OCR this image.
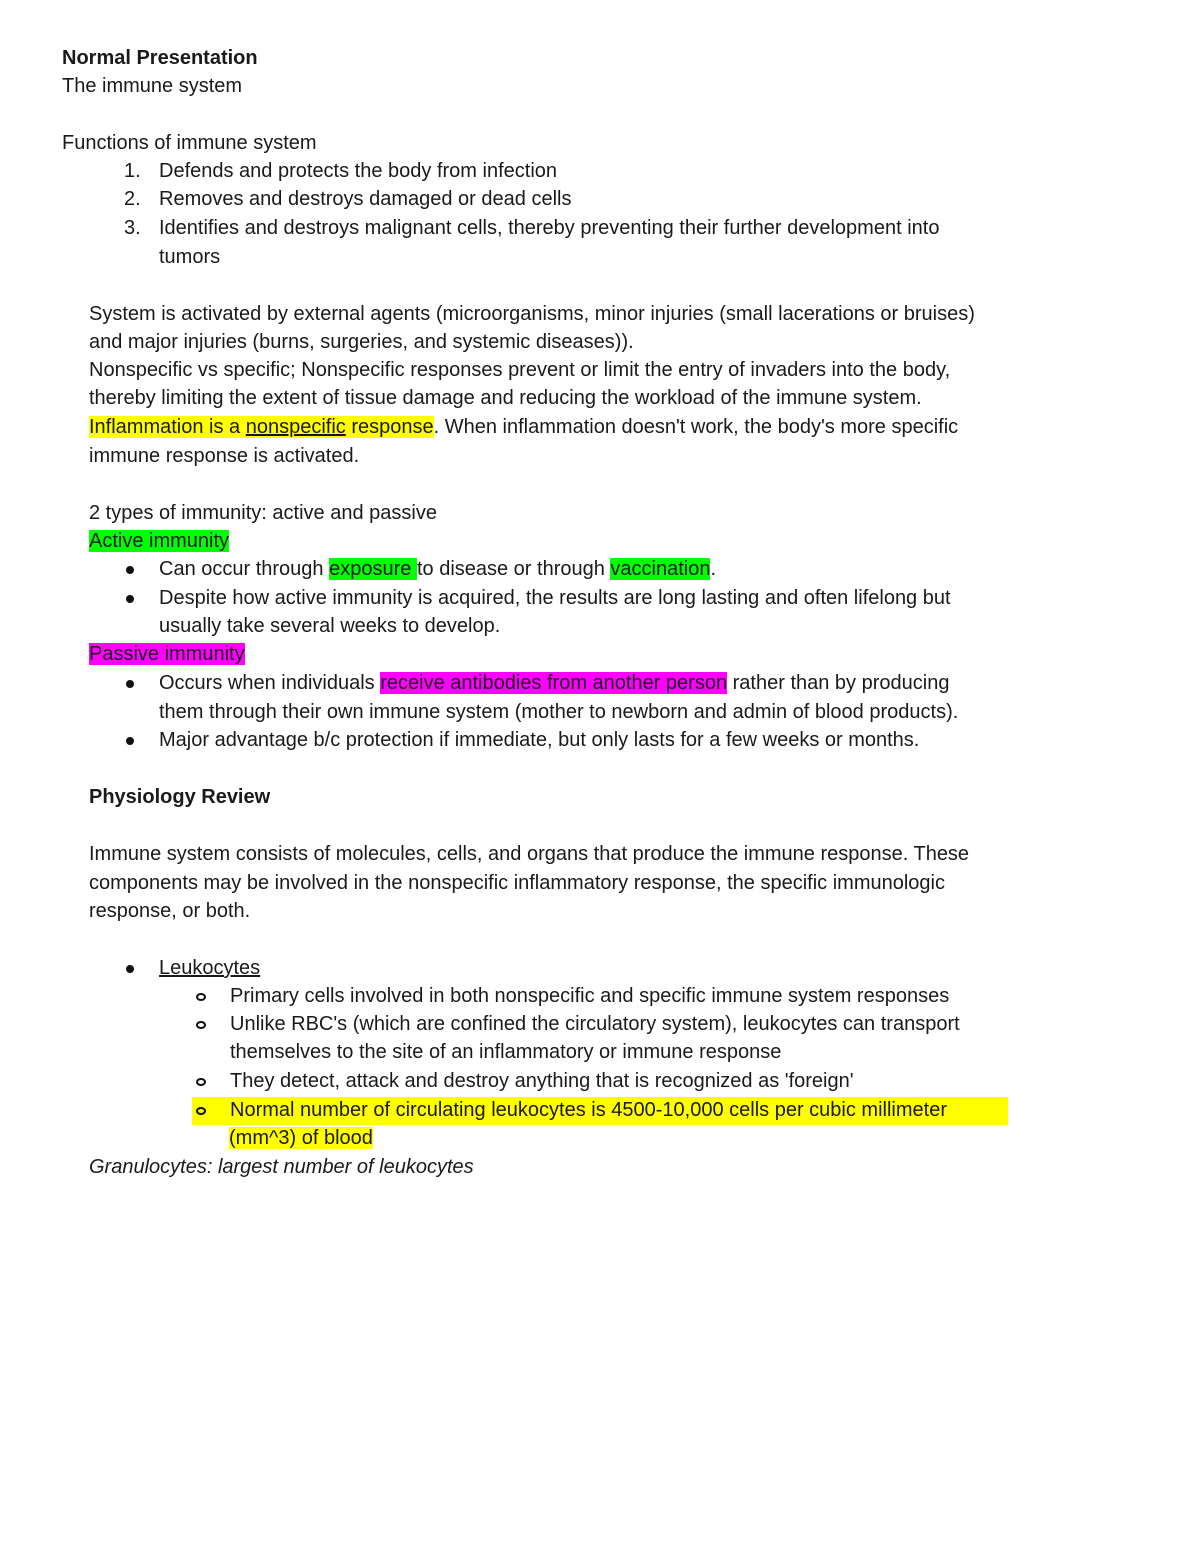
Normal Presentation
The immune system
Functions of immune system
1. Defends and protects the body from infection
2. Removes and destroys damaged or dead cells
3. Identifies and destroys malignant cells, thereby preventing their further development into
tumors
System is activated by external agents (microorganisms, minor injuries (small lacerations or bruises)
and major injuries (burns, surgeries, and systemic diseases)).
Nonspecific vs specific; Nonspecific responses prevent or limit the entry of invaders into the body,
thereby limiting the extent of tissue damage and reducing the workload of the immune system.
Inflammation is a nonspecific response. When inflammation doesn't work, the body's more specific
immune response is activated.
2 types of immunity: active and passive
Active immunity
Can occur through exposure to disease or through vaccination.
Despite how active immunity is acquired, the results are long lasting and often lifelong but
usually take several weeks to develop.
Passive immunity
Occurs when individuals receive antibodies from another person rather than by producing
them through their own immune system (mother to newborn and admin of blood products).
Major advantage b/c protection if immediate, but only lasts for a few weeks or months.
Physiology Review
Immune system consists of molecules, cells, and organs that produce the immune response. These
components may be involved in the nonspecific inflammatory response, the specific immunologic
response, or both.
Leukocytes
Primary cells involved in both nonspecific and specific immune system responses
Unlike RBC's (which are confined the circulatory system), leukocytes can transport
themselves to the site of an inflammatory or immune response
They detect, attack and destroy anything that is recognized as 'foreign'
Normal number of circulating leukocytes is 4500-10,000 cells per cubic millimeter
(mm^3) of blood
Granulocytes: largest number of leukocytes
